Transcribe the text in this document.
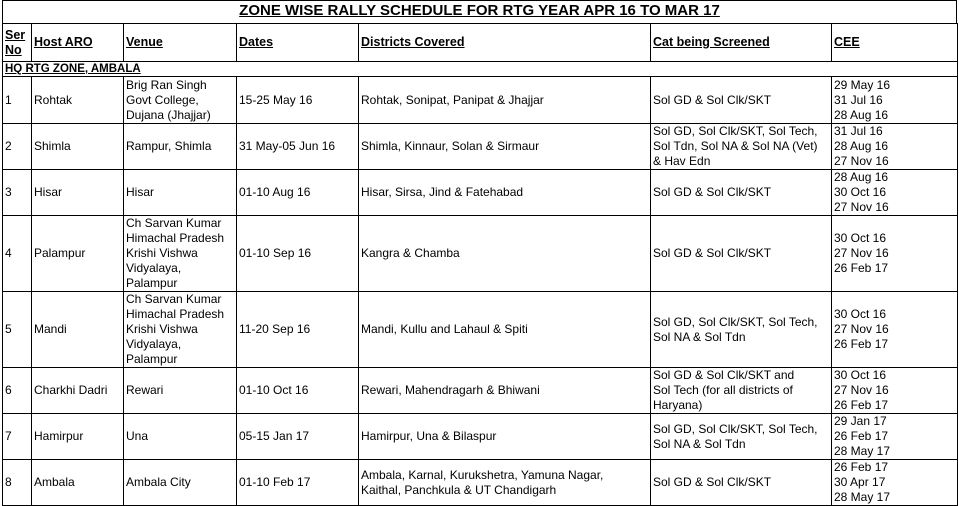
ZONE WISE RALLY SCHEDULE FOR RTG YEAR APR 16 TO MAR 17
Ser
No	Host ARO	Venue	Dates	Districts Covered	Cat being Screened	CEE
HQ RTG ZONE, AMBALA						
1	Rohtak	Brig Ran Singh
Govt College,
Dujana (Jhajjar)	15-25 May 16	Rohtak, Sonipat, Panipat & Jhajjar	Sol GD & Sol Clk/SKT	29 May 16
31 Jul 16
28 Aug 16

2	Shimla	Rampur, Shimla	31 May-05 Jun 16	Shimla, Kinnaur, Solan & Sirmaur	Sol GD, Sol Clk/SKT, Sol Tech,
Sol Tdn, Sol NA & Sol NA (Vet)
& Hav Edn	31 Jul 16
28 Aug 16
27 Nov 16

3	Hisar	Hisar	01-10 Aug 16	Hisar, Sirsa, Jind & Fatehabad	Sol GD & Sol Clk/SKT	28 Aug 16
30 Oct 16
27 Nov 16

4	Palampur	Ch Sarvan Kumar
Himachal Pradesh
Krishi Vishwa
Vidyalaya,
Palampur	01-10 Sep 16	Kangra & Chamba	Sol GD & Sol Clk/SKT	30 Oct 16
27 Nov 16
26 Feb 17

5	Mandi	Ch Sarvan Kumar
Himachal Pradesh
Krishi Vishwa
Vidyalaya,
Palampur	11-20 Sep 16	Mandi, Kullu and Lahaul & Spiti	Sol GD, Sol Clk/SKT, Sol Tech,
Sol NA & Sol Tdn	30 Oct 16
27 Nov 16
26 Feb 17

6	Charkhi Dadri	Rewari	01-10 Oct 16	Rewari, Mahendragarh & Bhiwani	Sol GD & Sol Clk/SKT and
Sol Tech (for all districts of
Haryana)	30 Oct 16
27 Nov 16
26 Feb 17

7	Hamirpur	Una	05-15 Jan 17	Hamirpur, Una & Bilaspur	Sol GD, Sol Clk/SKT, Sol Tech,
Sol NA & Sol Tdn	29 Jan 17
26 Feb 17
28 May 17

8	Ambala	Ambala City	01-10 Feb 17	Ambala, Karnal, Kurukshetra, Yamuna Nagar,
Kaithal, Panchkula & UT Chandigarh	Sol GD & Sol Clk/SKT	26 Feb 17
30 Apr 17
28 May 17
